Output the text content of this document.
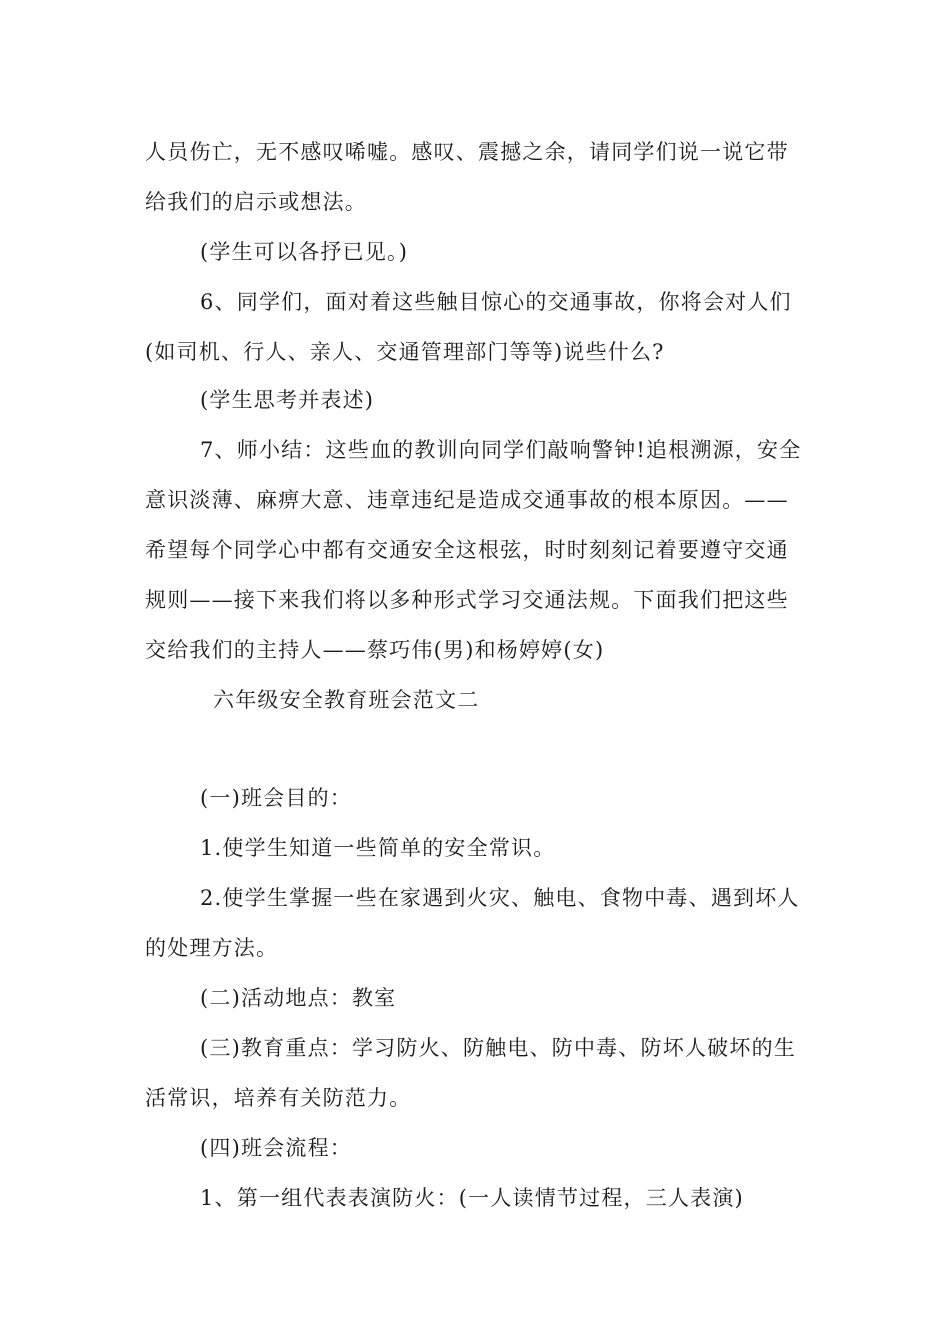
人员伤亡，无不感叹唏嘘。感叹、震撼之余，请同学们说一说它带
给我们的启示或想法。
(学生可以各抒已见。)
6、同学们，面对着这些触目惊心的交通事故，你将会对人们
(如司机、行人、亲人、交通管理部门等等)说些什么?
(学生思考并表述)
7、师小结：这些血的教训向同学们敲响警钟!追根溯源，安全
意识淡薄、麻痹大意、违章违纪是造成交通事故的根本原因。——
希望每个同学心中都有交通安全这根弦，时时刻刻记着要遵守交通
规则——接下来我们将以多种形式学习交通法规。下面我们把这些
交给我们的主持人——蔡巧伟(男)和杨婷婷(女)
六年级安全教育班会范文二
(一)班会目的：
1.使学生知道一些简单的安全常识。
2.使学生掌握一些在家遇到火灾、触电、食物中毒、遇到坏人
的处理方法。
(二)活动地点：教室
(三)教育重点：学习防火、防触电、防中毒、防坏人破坏的生
活常识，培养有关防范力。
(四)班会流程：
1、第一组代表表演防火：(一人读情节过程，三人表演)
